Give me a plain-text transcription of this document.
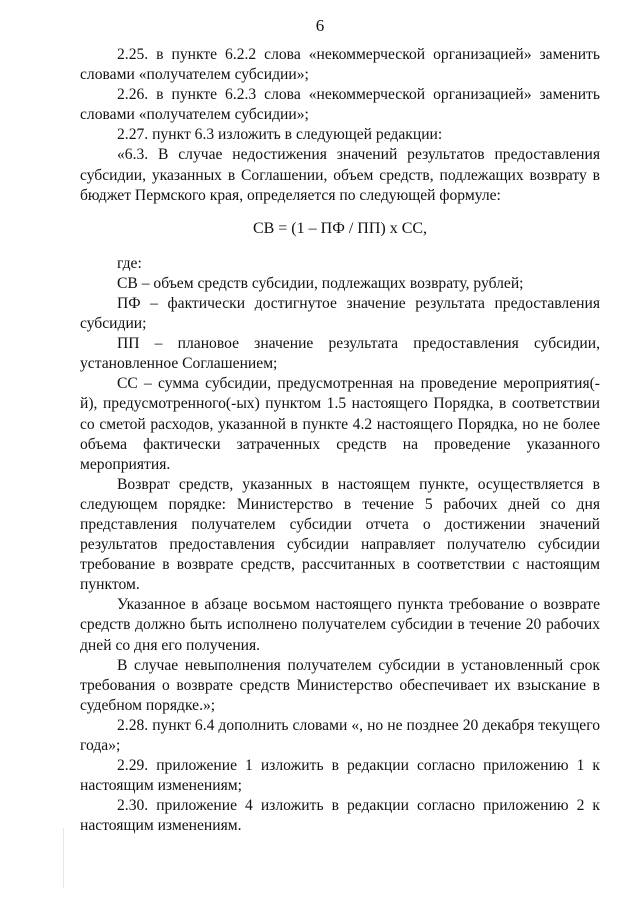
6

2.25. в пункте 6.2.2 слова «некоммерческой организацией» заменить словами «получателем субсидии»;

2.26. в пункте 6.2.3 слова «некоммерческой организацией» заменить словами «получателем субсидии»;

2.27. пункт 6.3 изложить в следующей редакции:

«6.3. В случае недостижения значений результатов предоставления субсидии, указанных в Соглашении, объем средств, подлежащих возврату в бюджет Пермского края, определяется по следующей формуле:

СВ = (1 – ПФ / ПП) х СС,

где:

СВ – объем средств субсидии, подлежащих возврату, рублей;

ПФ – фактически достигнутое значение результата предоставления субсидии;

ПП – плановое значение результата предоставления субсидии, установленное Соглашением;

СС – сумма субсидии, предусмотренная на проведение мероприятия(-й), предусмотренного(-ых) пунктом 1.5 настоящего Порядка, в соответствии со сметой расходов, указанной в пункте 4.2 настоящего Порядка, но не более объема фактически затраченных средств на проведение указанного мероприятия.

Возврат средств, указанных в настоящем пункте, осуществляется в следующем порядке: Министерство в течение 5 рабочих дней со дня представления получателем субсидии отчета о достижении значений результатов предоставления субсидии направляет получателю субсидии требование в возврате средств, рассчитанных в соответствии с настоящим пунктом.

Указанное в абзаце восьмом настоящего пункта требование о возврате средств должно быть исполнено получателем субсидии в течение 20 рабочих дней со дня его получения.

В случае невыполнения получателем субсидии в установленный срок требования о возврате средств Министерство обеспечивает их взыскание в судебном порядке.»;

2.28. пункт 6.4 дополнить словами «, но не позднее 20 декабря текущего года»;

2.29. приложение 1 изложить в редакции согласно приложению 1 к настоящим изменениям;

2.30. приложение 4 изложить в редакции согласно приложению 2 к настоящим изменениям.
